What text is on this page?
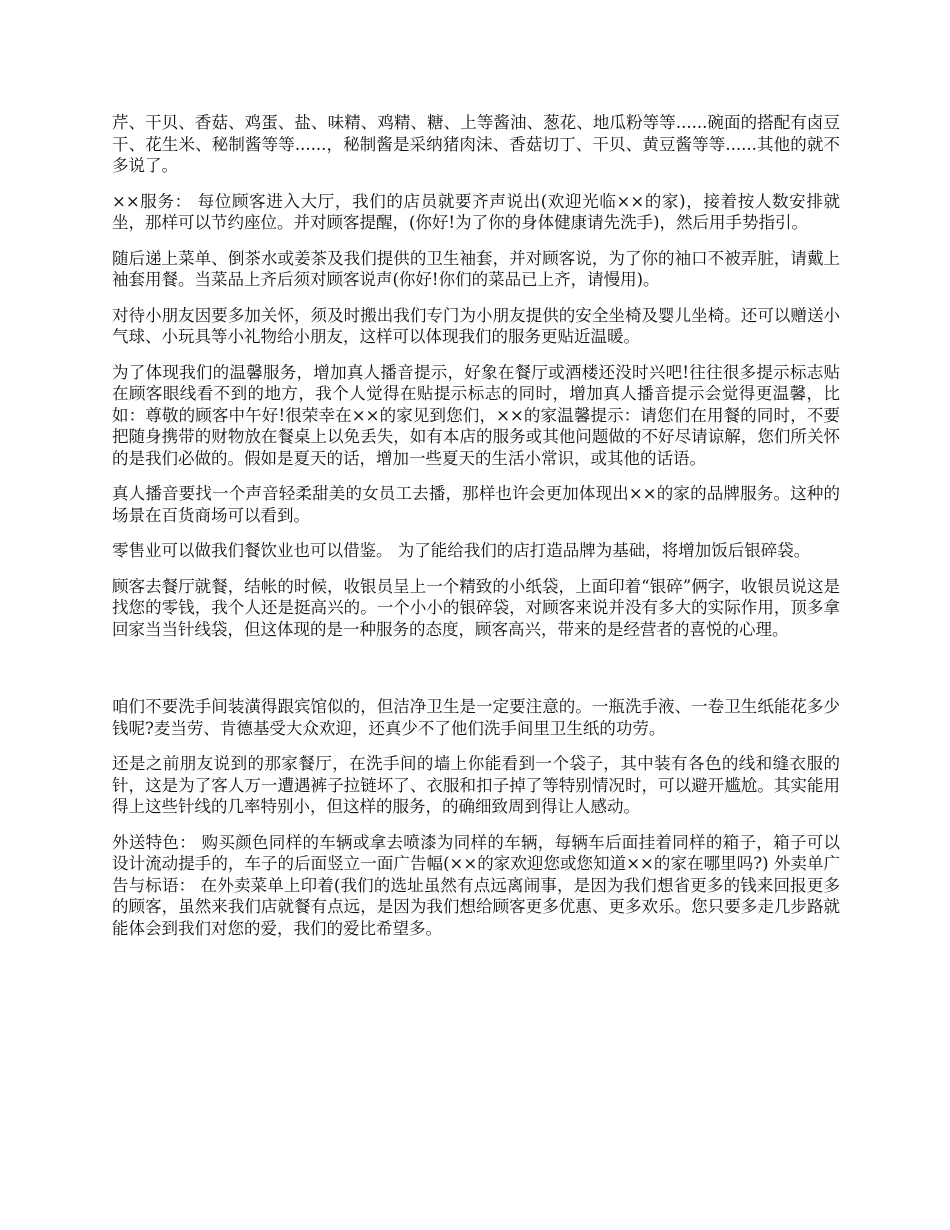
芹、干贝、香菇、鸡蛋、盐、味精、鸡精、糖、上等酱油、葱花、地瓜粉等等......碗面的搭配有卤豆干、花生米、秘制酱等等......，秘制酱是采纳猪肉沫、香菇切丁、干贝、黄豆酱等等......其他的就不多说了。

××服务： 每位顾客进入大厅，我们的店员就要齐声说出(欢迎光临××的家)，接着按人数安排就坐，那样可以节约座位。并对顾客提醒，(你好!为了你的身体健康请先洗手)，然后用手势指引。

随后递上菜单、倒茶水或姜茶及我们提供的卫生袖套，并对顾客说，为了你的袖口不被弄脏，请戴上袖套用餐。当菜品上齐后须对顾客说声(你好!你们的菜品已上齐，请慢用)。

对待小朋友因要多加关怀，须及时搬出我们专门为小朋友提供的安全坐椅及婴儿坐椅。还可以赠送小气球、小玩具等小礼物给小朋友，这样可以体现我们的服务更贴近温暖。

为了体现我们的温馨服务，增加真人播音提示，好象在餐厅或酒楼还没时兴吧!往往很多提示标志贴在顾客眼线看不到的地方，我个人觉得在贴提示标志的同时，增加真人播音提示会觉得更温馨，比如：尊敬的顾客中午好!很荣幸在××的家见到您们，××的家温馨提示：请您们在用餐的同时，不要把随身携带的财物放在餐桌上以免丢失，如有本店的服务或其他问题做的不好尽请谅解，您们所关怀的是我们必做的。假如是夏天的话，增加一些夏天的生活小常识，或其他的话语。

真人播音要找一个声音轻柔甜美的女员工去播，那样也许会更加体现出××的家的品牌服务。这种的场景在百货商场可以看到。

零售业可以做我们餐饮业也可以借鉴。 为了能给我们的店打造品牌为基础，将增加饭后银碎袋。

顾客去餐厅就餐，结帐的时候，收银员呈上一个精致的小纸袋，上面印着“银碎”俩字，收银员说这是找您的零钱，我个人还是挺高兴的。一个小小的银碎袋，对顾客来说并没有多大的实际作用，顶多拿回家当当针线袋，但这体现的是一种服务的态度，顾客高兴，带来的是经营者的喜悦的心理。

咱们不要洗手间装潢得跟宾馆似的，但洁净卫生是一定要注意的。一瓶洗手液、一卷卫生纸能花多少钱呢?麦当劳、肯德基受大众欢迎，还真少不了他们洗手间里卫生纸的功劳。

还是之前朋友说到的那家餐厅，在洗手间的墙上你能看到一个袋子，其中装有各色的线和缝衣服的针，这是为了客人万一遭遇裤子拉链坏了、衣服和扣子掉了等特别情况时，可以避开尴尬。其实能用得上这些针线的几率特别小，但这样的服务，的确细致周到得让人感动。

外送特色： 购买颜色同样的车辆或拿去喷漆为同样的车辆，每辆车后面挂着同样的箱子，箱子可以设计流动提手的，车子的后面竖立一面广告幅(××的家欢迎您或您知道××的家在哪里吗?) 外卖单广告与标语： 在外卖菜单上印着(我们的选址虽然有点远离闹事，是因为我们想省更多的钱来回报更多的顾客，虽然来我们店就餐有点远，是因为我们想给顾客更多优惠、更多欢乐。您只要多走几步路就能体会到我们对您的爱，我们的爱比希望多。
